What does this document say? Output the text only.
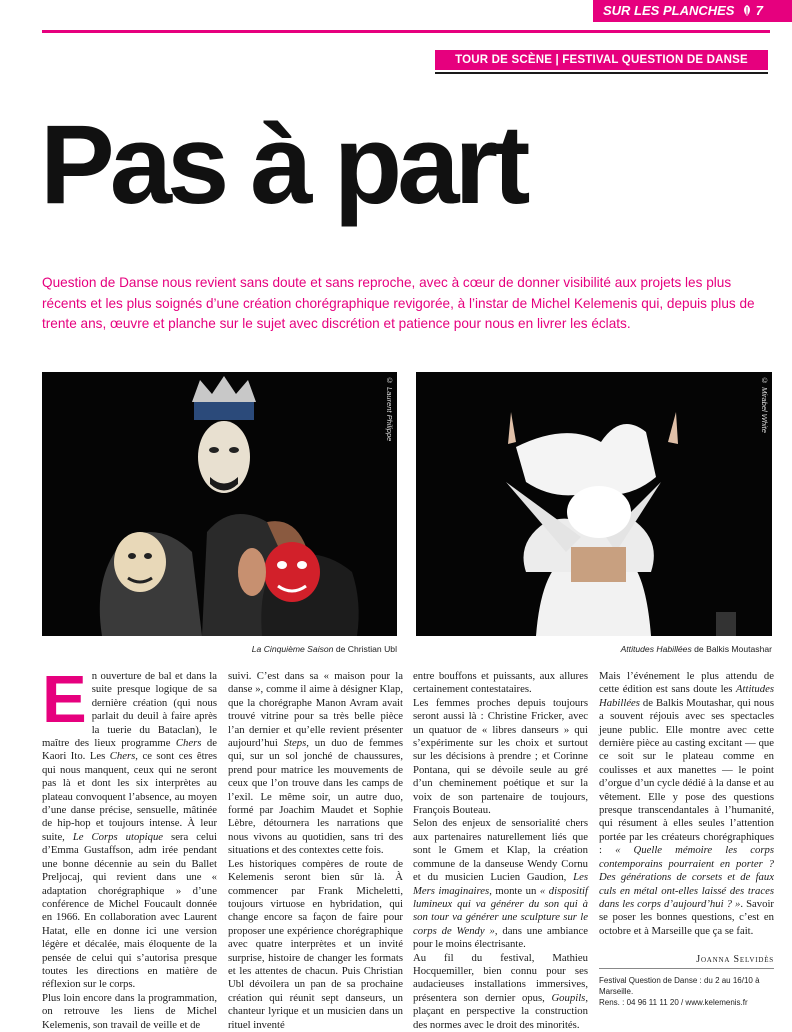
SUR LES PLANCHES 7
TOUR DE SCÈNE | FESTIVAL QUESTION DE DANSE
Pas à part

Question de Danse nous revient sans doute et sans reproche, avec à cœur de donner visibilité aux projets les plus récents et les plus soignés d’une création chorégraphique revigorée, à l’instar de Michel Kelemenis qui, depuis plus de trente ans, œuvre et planche sur le sujet avec discrétion et patience pour nous en livrer les éclats.

© Laurent Philippe	© Mirabel White
La Cinquième Saison de Christian Ubl	Attitudes Habillées de Balkis Moutashar

En ouverture de bal et dans la suite presque logique de sa dernière création (qui nous parlait du deuil à faire après la tuerie du Bataclan), le maître des lieux programme Chers de Kaori Ito. Les Chers, ce sont ces êtres qui nous manquent, ceux qui ne seront pas là et dont les six interprètes au plateau convoquent l’absence, au moyen d’une danse précise, sensuelle, mâtinée de hip-hop et toujours intense. À leur suite, Le Corps utopique sera celui d’Emma Gustaffson, adm irée pendant une bonne décennie au sein du Ballet Preljocaj, qui revient dans une « adaptation chorégraphique » d’une conférence de Michel Foucault donnée en 1966. En collaboration avec Laurent Hatat, elle en donne ici une version légère et décalée, mais éloquente de la pensée de celui qui s’autorisa presque toutes les directions en matière de réflexion sur le corps.

Plus loin encore dans la programmation, on retrouve les liens de Michel Kelemenis, son travail de veille et de

suivi. C’est dans sa « maison pour la danse », comme il aime à désigner Klap, que la chorégraphe Manon Avram avait trouvé vitrine pour sa très belle pièce l’an dernier et qu’elle revient présenter aujourd’hui Steps, un duo de femmes qui, sur un sol jonché de chaussures, prend pour matrice les mouvements de ceux que l’on trouve dans les camps de l’exil. Le même soir, un autre duo, formé par Joachim Maudet et Sophie Lèbre, détournera les narrations que nous vivons au quotidien, sans tri des situations et des contextes cette fois.

Les historiques compères de route de Kelemenis seront bien sûr là. À commencer par Frank Micheletti, toujours virtuose en hybridation, qui change encore sa façon de faire pour proposer une expérience chorégraphique avec quatre interprètes et un invité surprise, histoire de changer les formats et les attentes de chacun. Puis Christian Ubl dévoilera un pan de sa prochaine création qui réunit sept danseurs, un chanteur lyrique et un musicien dans un rituel inventé

entre bouffons et puissants, aux allures certainement contestataires.

Les femmes proches depuis toujours seront aussi là : Christine Fricker, avec un quatuor de « libres danseurs » qui s’expérimente sur les choix et surtout sur les décisions à prendre ; et Corinne Pontana, qui se dévoile seule au gré d’un cheminement poétique et sur la voix de son partenaire de toujours, François Bouteau.

Selon des enjeux de sensorialité chers aux partenaires naturellement liés que sont le Gmem et Klap, la création commune de la danseuse Wendy Cornu et du musicien Lucien Gaudion, Les Mers imaginaires, monte un « dispositif lumineux qui va générer du son qui à son tour va générer une sculpture sur le corps de Wendy », dans une ambiance pour le moins électrisante.

Au fil du festival, Mathieu Hocquemiller, bien connu pour ses audacieuses installations immersives, présentera son dernier opus, Goupils, plaçant en perspective la construction des normes avec le droit des minorités.

Mais l’événement le plus attendu de cette édition est sans doute les Attitudes Habillées de Balkis Moutashar, qui nous a souvent réjouis avec ses spectacles jeune public. Elle montre avec cette dernière pièce au casting excitant — que ce soit sur le plateau comme en coulisses et aux manettes — le point d’orgue d’un cycle dédié à la danse et au vêtement. Elle y pose des questions presque transcendantales à l’humanité, qui résument à elles seules l’attention portée par les créateurs chorégraphiques : « Quelle mémoire les corps contemporains pourraient en porter ? Des générations de corsets et de faux culs en métal ont-elles laissé des traces dans les corps d’aujourd’hui ? ». Savoir se poser les bonnes questions, c’est en octobre et à Marseille que ça se fait.

Joanna Selvidès
Festival Question de Danse : du 2 au 16/10 à Marseille.
Rens. : 04 96 11 11 20 / www.kelemenis.fr
